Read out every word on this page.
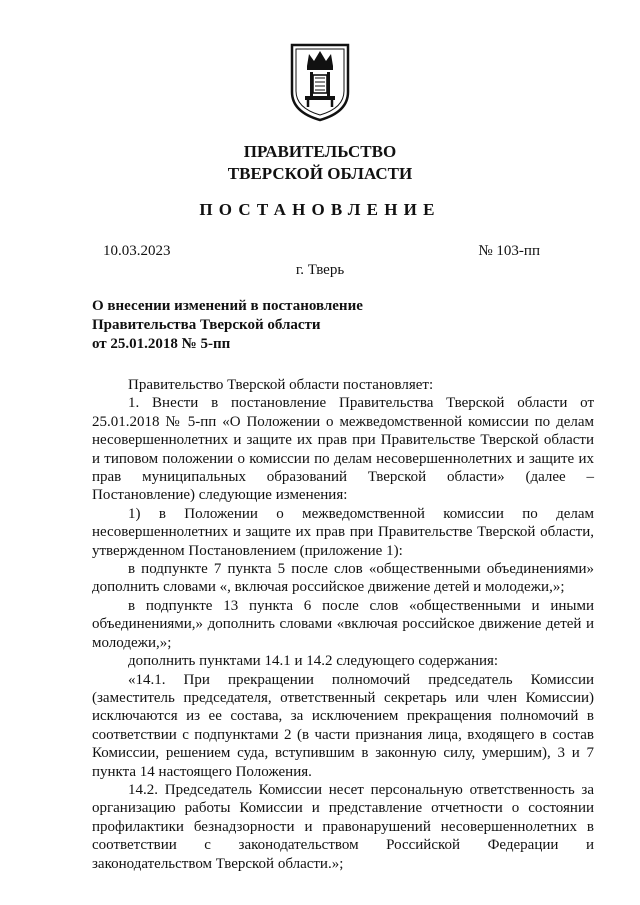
ПРАВИТЕЛЬСТВО
ТВЕРСКОЙ ОБЛАСТИ
ПОСТАНОВЛЕНИЕ
10.03.2023	№ 103-пп
г. Тверь
О внесении изменений в постановление
Правительства Тверской области
от 25.01.2018 № 5-пп

Правительство Тверской области постановляет:

1. Внести в постановление Правительства Тверской области от 25.01.2018 № 5-пп «О Положении о межведомственной комиссии по делам несовершеннолетних и защите их прав при Правительстве Тверской области и типовом положении о комиссии по делам несовершеннолетних и защите их прав муниципальных образований Тверской области» (далее – Постановление) следующие изменения:

1) в Положении о межведомственной комиссии по делам несовершеннолетних и защите их прав при Правительстве Тверской области, утвержденном Постановлением (приложение 1):

в подпункте 7 пункта 5 после слов «общественными объединениями» дополнить словами «, включая российское движение детей и молодежи,»;

в подпункте 13 пункта 6 после слов «общественными и иными объединениями,» дополнить словами «включая российское движение детей и молодежи,»;

дополнить пунктами 14.1 и 14.2 следующего содержания:

«14.1. При прекращении полномочий председатель Комиссии (заместитель председателя, ответственный секретарь или член Комиссии) исключаются из ее состава, за исключением прекращения полномочий в соответствии с подпунктами 2 (в части признания лица, входящего в состав Комиссии, решением суда, вступившим в законную силу, умершим), 3 и 7 пункта 14 настоящего Положения.

14.2. Председатель Комиссии несет персональную ответственность за организацию работы Комиссии и представление отчетности о состоянии профилактики безнадзорности и правонарушений несовершеннолетних в соответствии с законодательством Российской Федерации и законодательством Тверской области.»;
